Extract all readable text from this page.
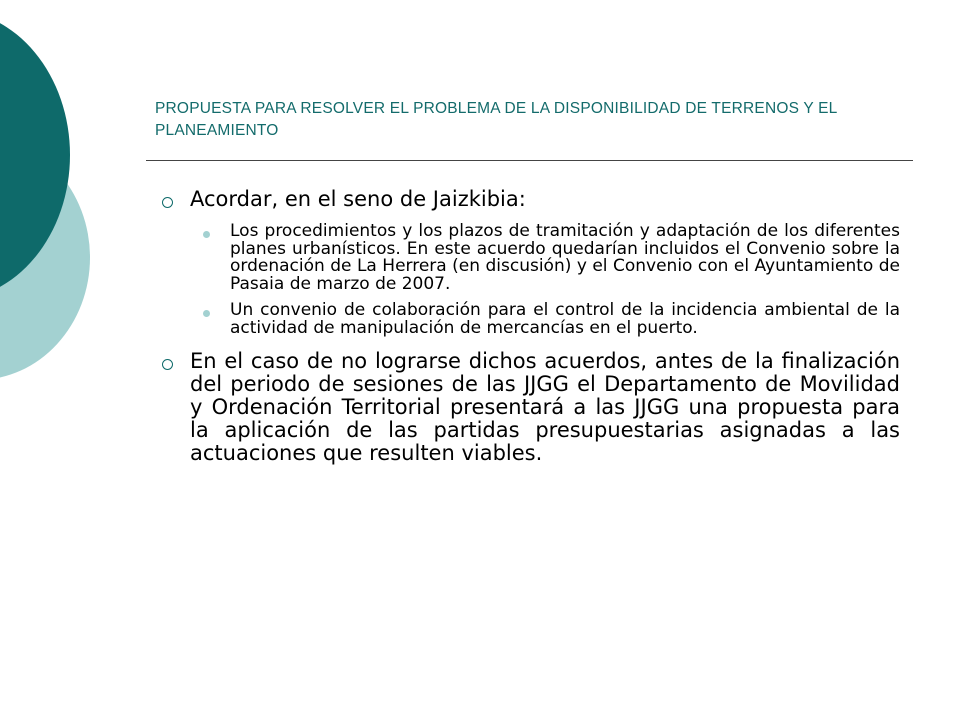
PROPUESTA PARA RESOLVER EL PROBLEMA DE LA DISPONIBILIDAD DE TERRENOS Y EL PLANEAMIENTO
Acordar, en el seno de Jaizkibia:
Los procedimientos y los plazos de tramitación y adaptación de los diferentes planes urbanísticos. En este acuerdo quedarían incluidos el Convenio sobre la ordenación de La Herrera (en discusión) y el Convenio con el Ayuntamiento de Pasaia de marzo de 2007.
Un convenio de colaboración para el control de la incidencia ambiental de la actividad de manipulación de mercancías en el puerto.
En el caso de no lograrse dichos acuerdos, antes de la finalización del periodo de sesiones de las JJGG el Departamento de Movilidad y Ordenación Territorial presentará a las JJGG una propuesta para la aplicación de las partidas presupuestarias asignadas a las actuaciones que resulten viables.
